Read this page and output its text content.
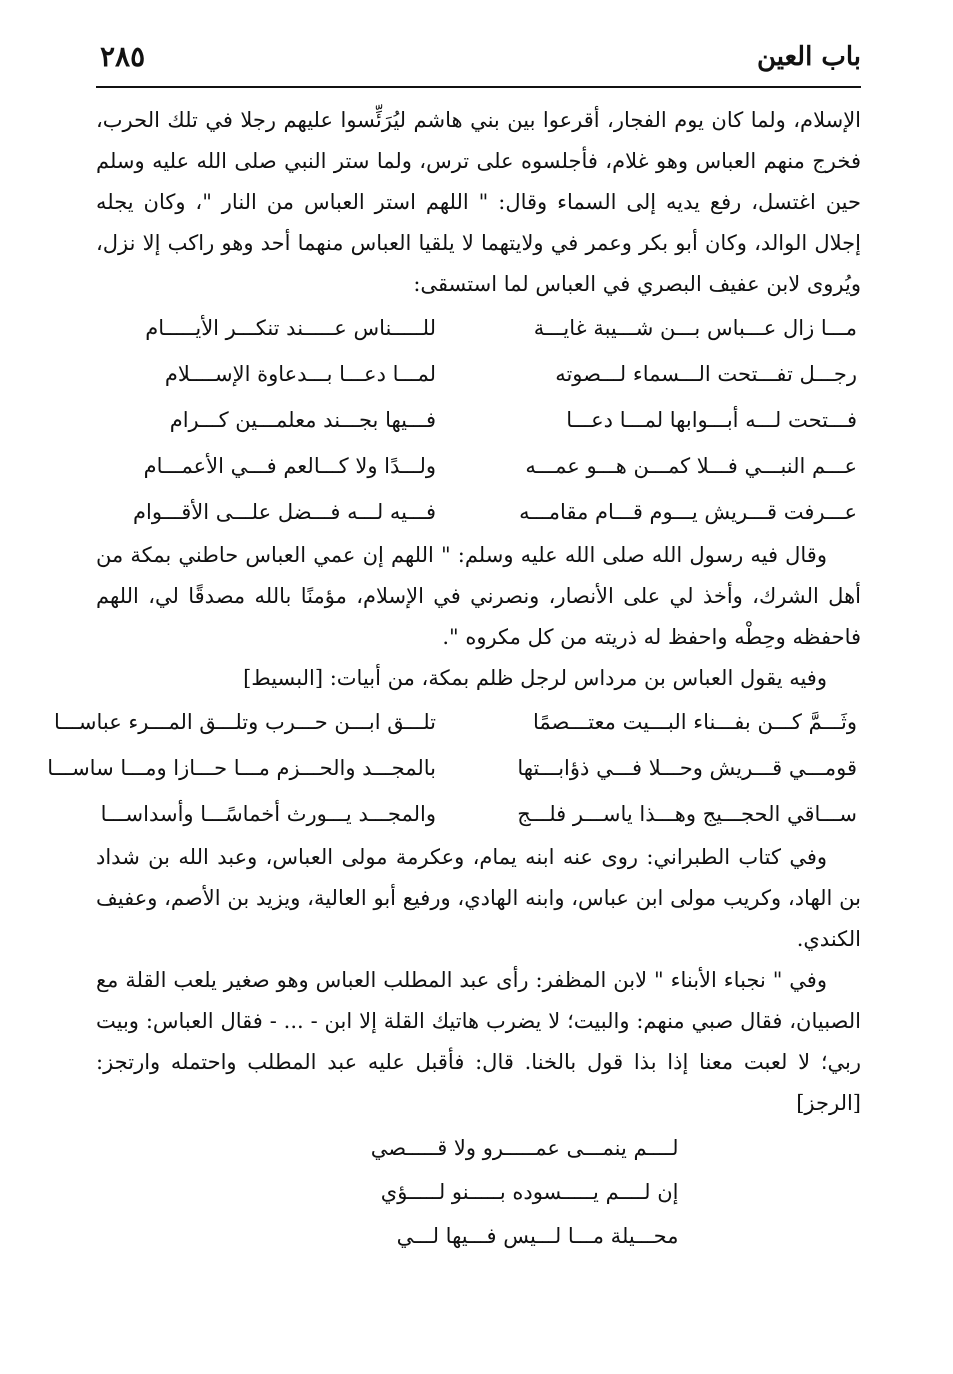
باب العين
٢٨٥

الإسلام، ولما كان يوم الفجار، أقرعوا بين بني هاشم ليُرَئِّسوا عليهم رجلا في تلك الحرب، فخرج منهم العباس وهو غلام، فأجلسوه على ترس، ولما ستر النبي صلى الله عليه وسلم حين اغتسل، رفع يديه إلى السماء وقال: " اللهم استر العباس من النار "، وكان يجله إجلال الوالد، وكان أبو بكر وعمر في ولايتهما لا يلقيا العباس منهما أحد وهو راكب إلا نزل، ويُروى لابن عفيف البصري في العباس لما استسقى:

مـــا زال عـــباس بـــن شـــيبة غايـــة
للـــــناس عـــــند تنكـــر الأيـــــام
رجـــل تفـــتحت الـــسماء لـــصوته
لمـــا دعـــا بـــدعاوة الإســــلام
فـــتحت لـــه أبـــوابها لمـــا دعـــا
فـــيها بجـــند معلمـــين كـــرام
عـــم النبـــي فـــلا كمـــن هـــو عمـــه
ولـــدًا ولا كـــالعم فـــي الأعمـــام
عـــرفت قـــريش يـــوم قـــام مقامـــه
فـــيه لـــه فـــضل علـــى الأقـــوام

وقال فيه رسول الله صلى الله عليه وسلم: " اللهم إن عمي العباس حاطني بمكة من أهل الشرك، وأخذ لي على الأنصار، ونصرني في الإسلام، مؤمنًا بالله مصدقًا لي، اللهم فاحفظه وحِطْه واحفظ له ذريته من كل مكروه ".

وفيه يقول العباس بن مرداس لرجل ظلم بمكة، من أبيات: [البسيط]

وثَـــمَّ كـــن بفـــناء البـــيت معتـــصمًا
تلـــق ابـــن حـــرب وتلـــق المـــرء عباســـا
قومـــي قـــريش وحـــلا فـــي ذؤابـــتها
بالمجـــد والحـــزم مـــا حـــازا ومـــا ساســـا
ســـاقي الحجـــيج وهـــذا ياســـر فلـــج
والمجـــد يـــورث أخماسًـــا وأسداســـا

وفي كتاب الطبراني: روى عنه ابنه يمام، وعكرمة مولى العباس، وعبد الله بن شداد بن الهاد، وكريب مولى ابن عباس، وابنه الهادي، ورفيع أبو العالية، ويزيد بن الأصم، وعفيف الكندي.

وفي " نجباء الأبناء " لابن المظفر: رأى عبد المطلب العباس وهو صغير يلعب القلة مع الصبيان، فقال صبي منهم: والبيت؛ لا يضرب هاتيك القلة إلا ابن - ... - فقال العباس: وبيت ربي؛ لا لعبت معنا إذا بذا قول بالخنا. قال: فأقبل عليه عبد المطلب واحتمله وارتجز: [الرجز]

لــــم ينمـــى عمـــــرو ولا قـــــصي
إن لــــم يـــــسوده بـــــنو لـــــؤي
محـــيلة مـــا لـــيس فـــيها لـــي
